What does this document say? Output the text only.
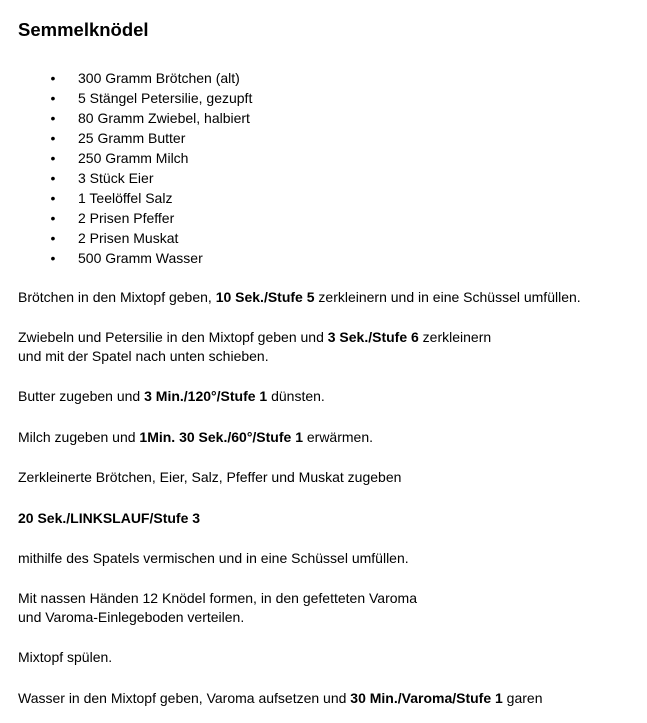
Semmelknödel
• 300 Gramm Brötchen (alt)
• 5 Stängel Petersilie, gezupft
• 80 Gramm Zwiebel, halbiert
• 25 Gramm Butter
• 250 Gramm Milch
• 3 Stück Eier
• 1 Teelöffel Salz
• 2 Prisen Pfeffer
• 2 Prisen Muskat
• 500 Gramm Wasser

Brötchen in den Mixtopf geben, 10 Sek./Stufe 5 zerkleinern und in eine Schüssel umfüllen.

Zwiebeln und Petersilie in den Mixtopf geben und 3 Sek./Stufe 6 zerkleinern
und mit der Spatel nach unten schieben.

Butter zugeben und 3 Min./120°/Stufe 1 dünsten.

Milch zugeben und 1Min. 30 Sek./60°/Stufe 1 erwärmen.

Zerkleinerte Brötchen, Eier, Salz, Pfeffer und Muskat zugeben

20 Sek./LINKSLAUF/Stufe 3

mithilfe des Spatels vermischen und in eine Schüssel umfüllen.

Mit nassen Händen 12 Knödel formen, in den gefetteten Varoma
und Varoma-Einlegeboden verteilen.

Mixtopf spülen.

Wasser in den Mixtopf geben, Varoma aufsetzen und 30 Min./Varoma/Stufe 1 garen
